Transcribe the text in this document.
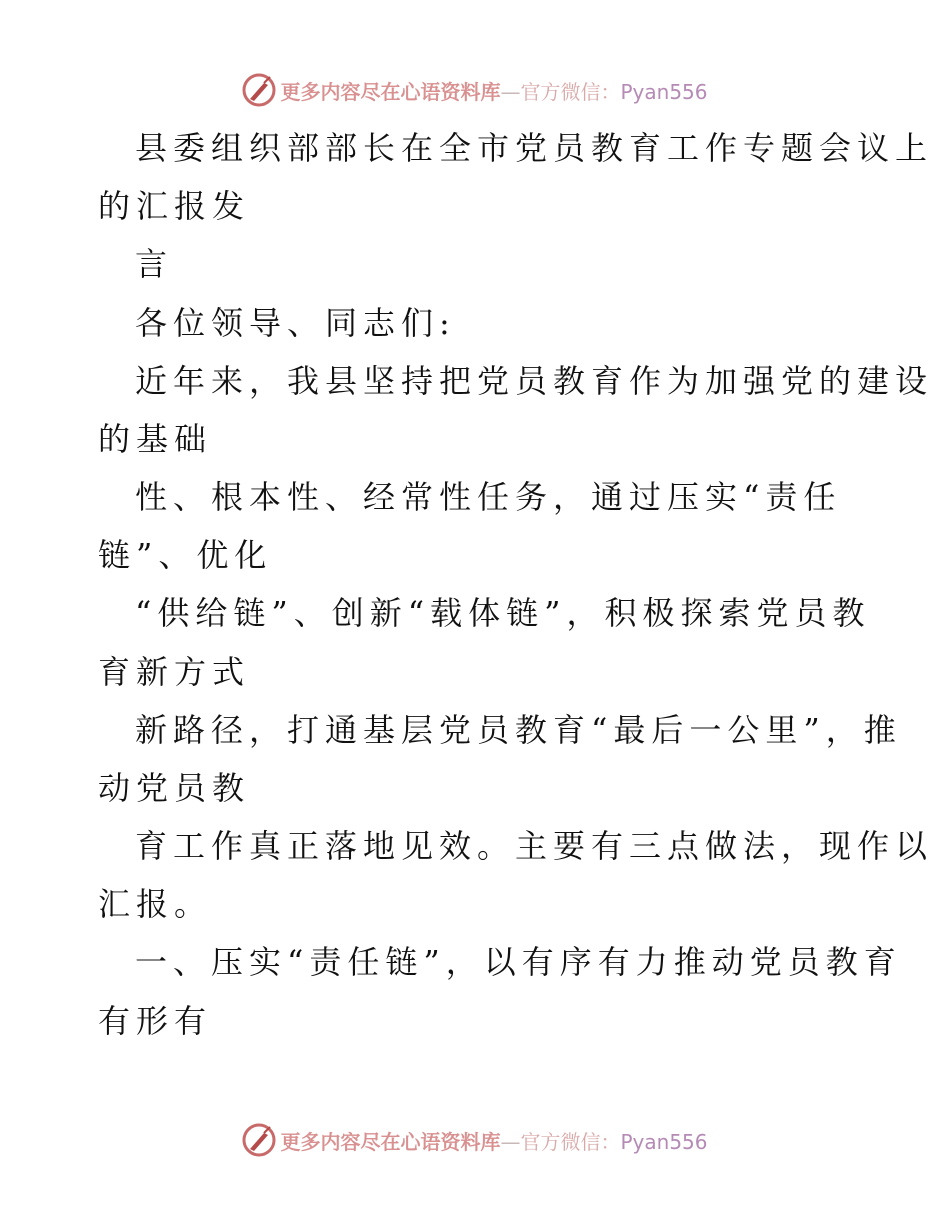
更多内容尽在心语资料库—官方微信：Pyan556
县委组织部部长在全市党员教育工作专题会议上
的汇报发
言
各位领导、同志们:
近年来，我县坚持把党员教育作为加强党的建设
的基础
性、根本性、经常性任务，通过压实“责任
链”、优化
“供给链”、创新“载体链”，积极探索党员教
育新方式
新路径，打通基层党员教育“最后一公里”，推
动党员教
育工作真正落地见效。主要有三点做法，现作以
汇报。
一、压实“责任链”，以有序有力推动党员教育
有形有
更多内容尽在心语资料库—官方微信：Pyan556
